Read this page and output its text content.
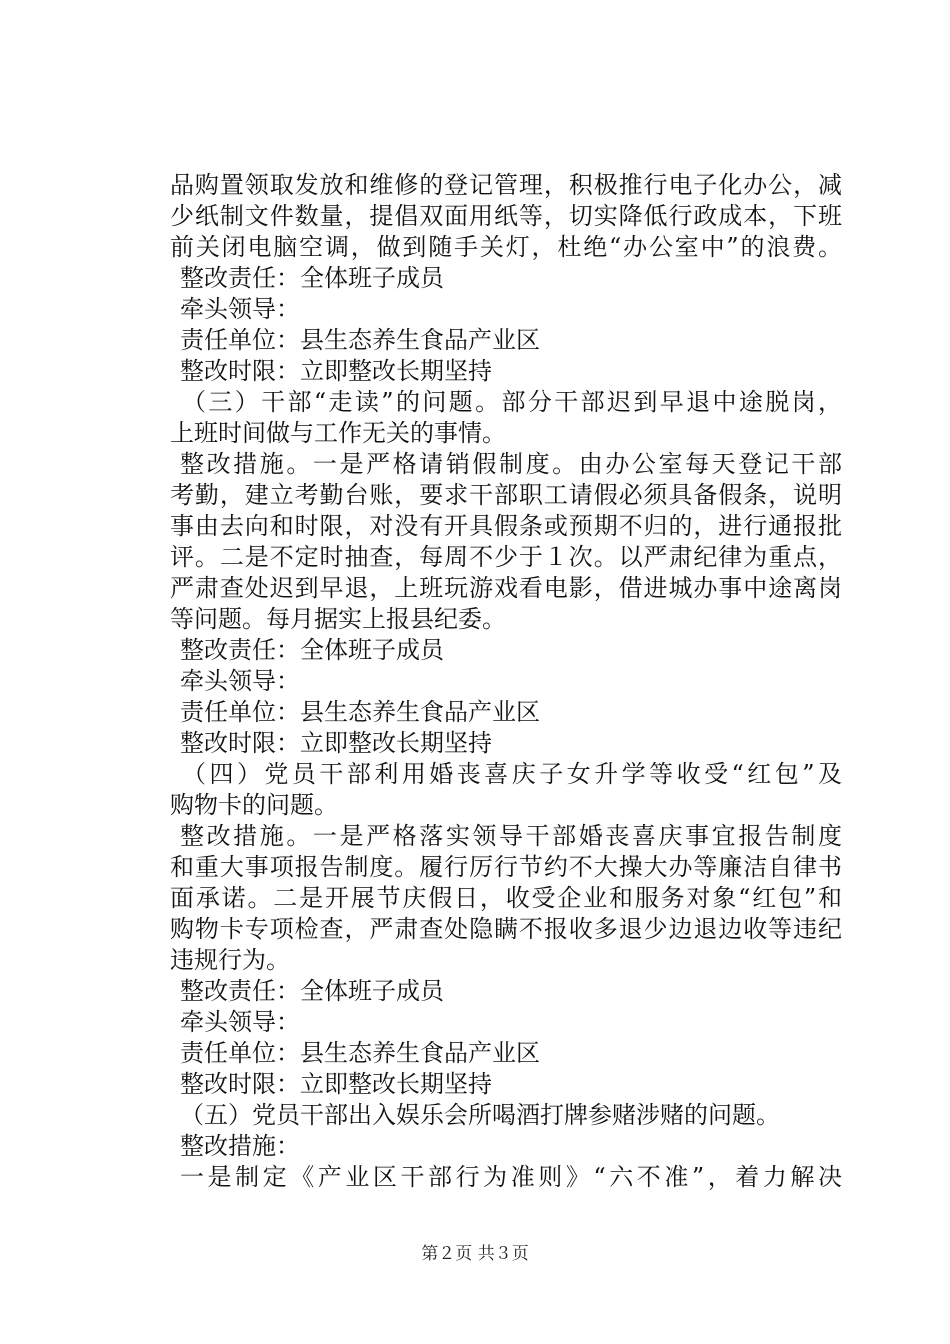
品购置领取发放和维修的登记管理，积极推行电子化办公，减
少纸制文件数量，提倡双面用纸等，切实降低行政成本，下班
前关闭电脑空调，做到随手关灯，杜绝“办公室中”的浪费。
整改责任：全体班子成员
牵头领导：
责任单位：县生态养生食品产业区
整改时限：立即整改长期坚持
（三）干部“走读”的问题。部分干部迟到早退中途脱岗，
上班时间做与工作无关的事情。
整改措施。一是严格请销假制度。由办公室每天登记干部
考勤，建立考勤台账，要求干部职工请假必须具备假条，说明
事由去向和时限，对没有开具假条或预期不归的，进行通报批
评。二是不定时抽查，每周不少于１次。以严肃纪律为重点，
严肃查处迟到早退，上班玩游戏看电影，借进城办事中途离岗
等问题。每月据实上报县纪委。
整改责任：全体班子成员
牵头领导：
责任单位：县生态养生食品产业区
整改时限：立即整改长期坚持
（四）党员干部利用婚丧喜庆子女升学等收受“红包”及
购物卡的问题。
整改措施。一是严格落实领导干部婚丧喜庆事宜报告制度
和重大事项报告制度。履行厉行节约不大操大办等廉洁自律书
面承诺。二是开展节庆假日，收受企业和服务对象“红包”和
购物卡专项检查，严肃查处隐瞒不报收多退少边退边收等违纪
违规行为。
整改责任：全体班子成员
牵头领导：
责任单位：县生态养生食品产业区
整改时限：立即整改长期坚持
（五）党员干部出入娱乐会所喝酒打牌参赌涉赌的问题。
整改措施：
一是制定《产业区干部行为准则》“六不准”，着力解决
第２页 共３页
